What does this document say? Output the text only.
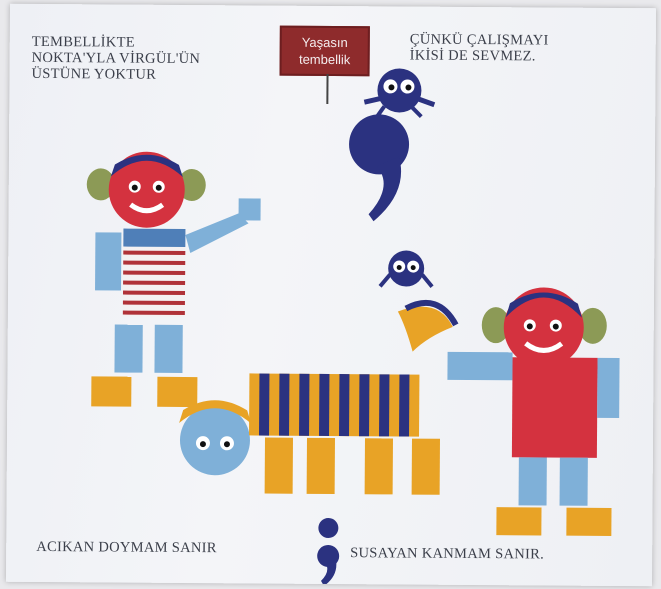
TEMBELLİKTE
NOKTA'YLA VİRGÜL'ÜN
ÜSTÜNE YOKTUR
Yaşasın
tembellik
ÇÜNKÜ ÇALIŞMAYI
İKİSİ DE SEVMEZ.
ACIKAN DOYMAM SANIR	SUSAYAN KANMAM SANIR.
